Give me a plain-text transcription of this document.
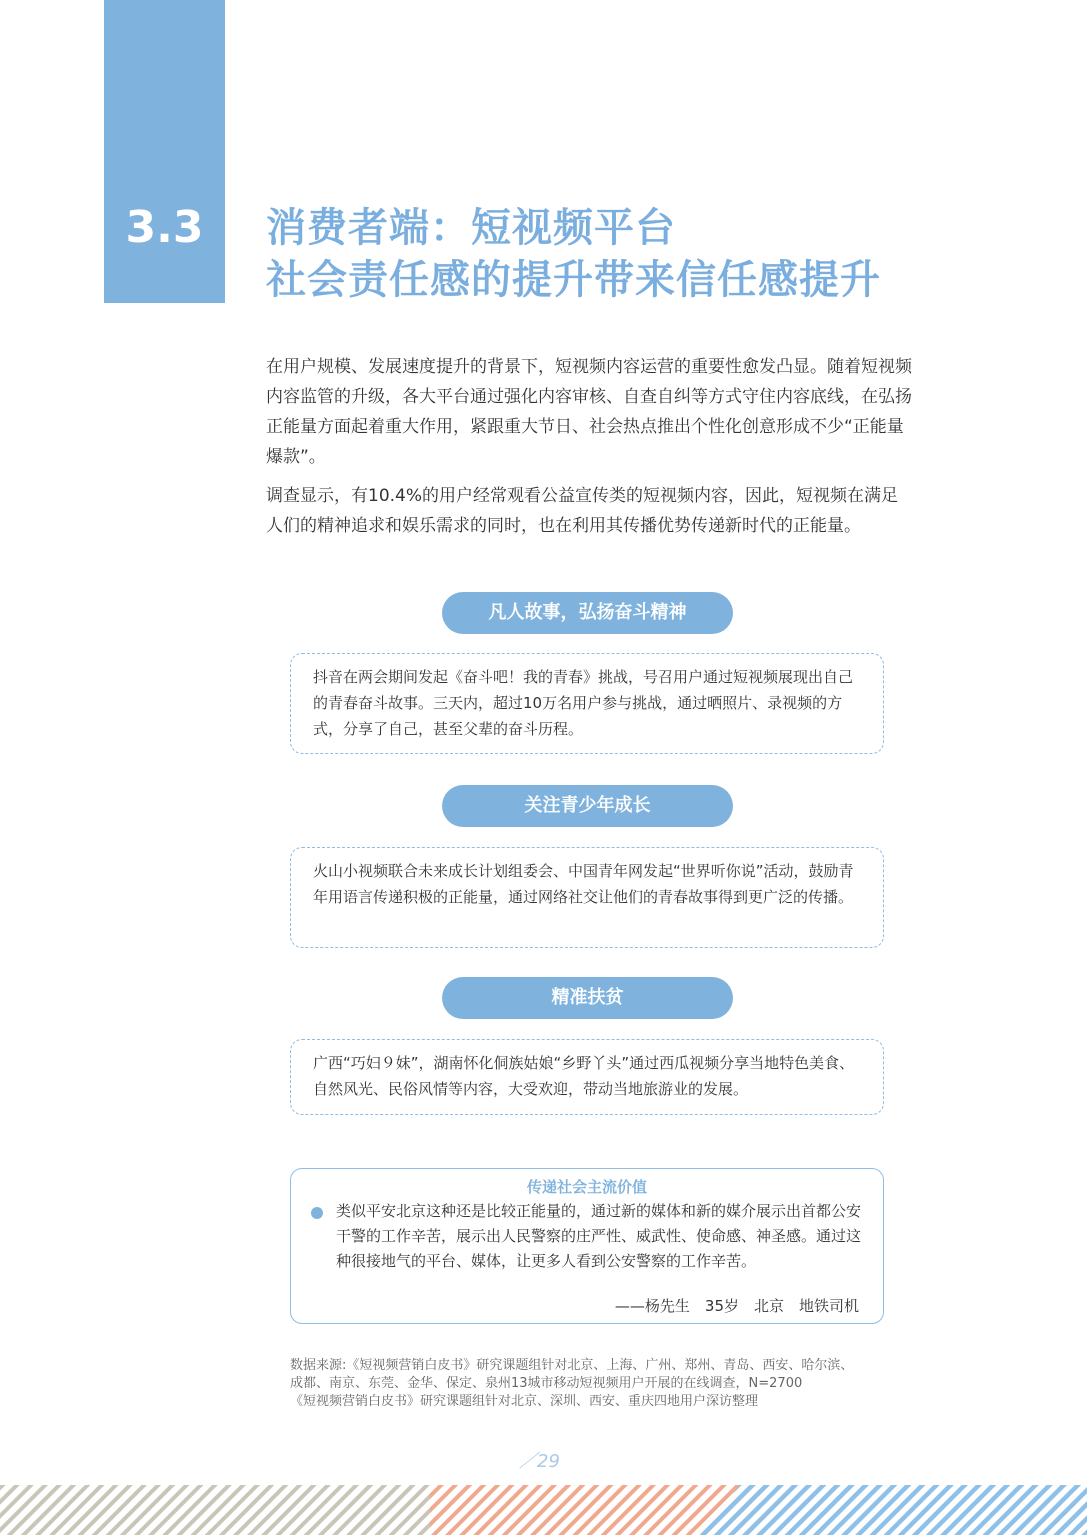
3.3	消费者端：短视频平台
社会责任感的提升带来信任感提升

在用户规模、发展速度提升的背景下，短视频内容运营的重要性愈发凸显。随着短视频内容监管的升级，各大平台通过强化内容审核、自查自纠等方式守住内容底线，在弘扬正能量方面起着重大作用，紧跟重大节日、社会热点推出个性化创意形成不少“正能量爆款”。

调查显示，有10.4%的用户经常观看公益宣传类的短视频内容，因此，短视频在满足人们的精神追求和娱乐需求的同时，也在利用其传播优势传递新时代的正能量。

凡人故事，弘扬奋斗精神
抖音在两会期间发起《奋斗吧！我的青春》挑战，号召用户通过短视频展现出自己的青春奋斗故事。三天内，超过10万名用户参与挑战，通过晒照片、录视频的方式，分享了自己，甚至父辈的奋斗历程。
关注青少年成长
火山小视频联合未来成长计划组委会、中国青年网发起“世界听你说”活动，鼓励青年用语言传递积极的正能量，通过网络社交让他们的青春故事得到更广泛的传播。
精准扶贫
广西“巧妇９妹”，湖南怀化侗族姑娘“乡野丫头”通过西瓜视频分享当地特色美食、自然风光、民俗风情等内容，大受欢迎，带动当地旅游业的发展。
传递社会主流价值
类似平安北京这种还是比较正能量的，通过新的媒体和新的媒介展示出首都公安干警的工作辛苦，展示出人民警察的庄严性、威武性、使命感、神圣感。通过这种很接地气的平台、媒体，让更多人看到公安警察的工作辛苦。
——杨先生　35岁　北京　地铁司机
数据来源:《短视频营销白皮书》研究课题组针对北京、上海、广州、郑州、青岛、西安、哈尔滨、
成都、南京、东莞、金华、保定、泉州13城市移动短视频用户开展的在线调查，N=2700
《短视频营销白皮书》研究课题组针对北京、深圳、西安、重庆四地用户深访整理
／29
